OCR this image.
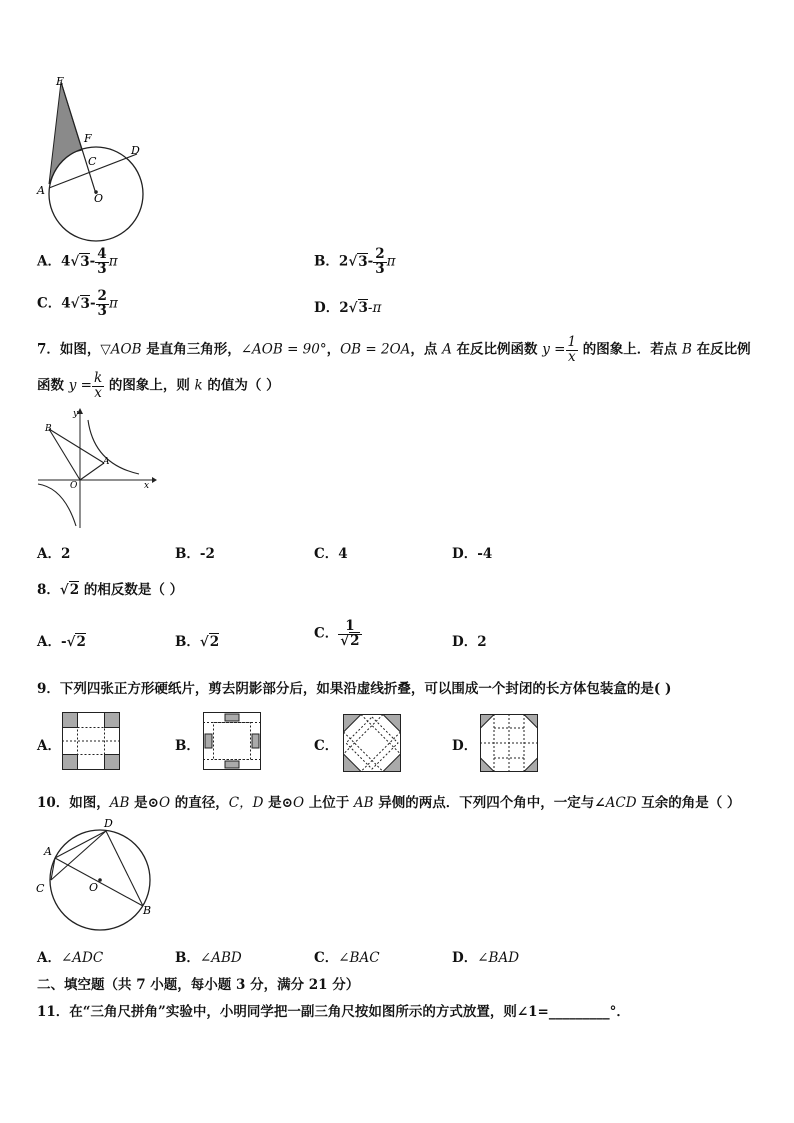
E
F
C
D
A
O
A．$4√3- \frac{4}{3}$ π	B．$2√3- \frac{2}{3}$ π
C．$4√3- \frac{2}{3}$ π	D．2√3-π
7．如图，▽AOB 是直角三角形，∠AOB = 90°，OB = 2OA，点 A 在反比例函数 $y = \frac{1}{x}$ 的图象上．若点 B 在反比例
函数 $y = \frac{k}{x}$ 的图象上，则 k 的值为（ ）
y
B
A
O	x
A．2	B．-2	C．4	D．-4
8．√2 的相反数是（ ）
A．-√2	B．√2
C． $\frac{1}{√2}$	D．2
9．下列四张正方形硬纸片，剪去阴影部分后，如果沿虚线折叠，可以围成一个封闭的长方体包装盒的是( )
A．	B．	C．	D．
10．如图，AB 是⊙O 的直径，C，D 是⊙O 上位于 AB 异侧的两点．下列四个角中，一定与∠ACD 互余的角是（ ）
D
A
C	O
B
A．∠ADC	B．∠ABD	C．∠BAC	D．∠BAD
二、填空题（共 7 小题，每小题 3 分，满分 21 分）
11．在“三角尺拼角”实验中，小明同学把一副三角尺按如图所示的方式放置，则∠1=_________°．
